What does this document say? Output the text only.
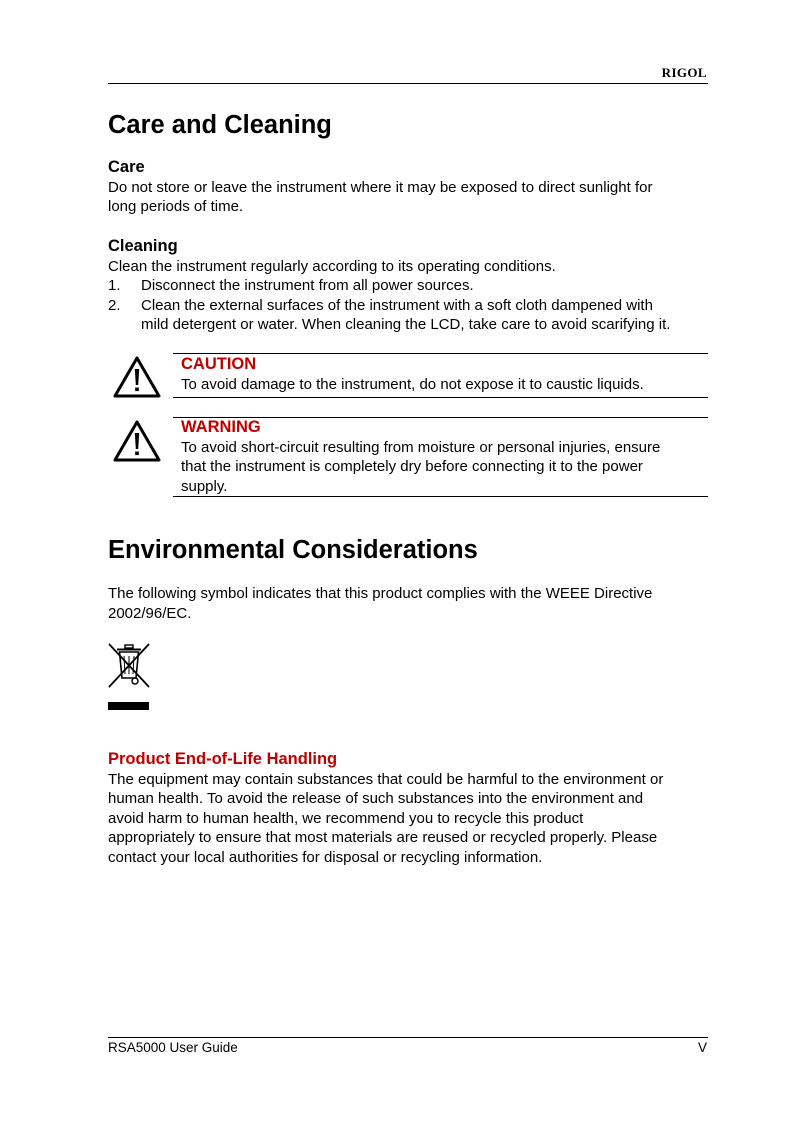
RIGOL
Care and Cleaning
Care
Do not store or leave the instrument where it may be exposed to direct sunlight for
long periods of time.
Cleaning
Clean the instrument regularly according to its operating conditions.
1.	Disconnect the instrument from all power sources.
2.	Clean the external surfaces of the instrument with a soft cloth dampened with
mild detergent or water. When cleaning the LCD, take care to avoid scarifying it.
CAUTION
To avoid damage to the instrument, do not expose it to caustic liquids.
WARNING
To avoid short-circuit resulting from moisture or personal injuries, ensure
that the instrument is completely dry before connecting it to the power
supply.
Environmental Considerations
The following symbol indicates that this product complies with the WEEE Directive
2002/96/EC.
Product End-of-Life Handling
The equipment may contain substances that could be harmful to the environment or
human health. To avoid the release of such substances into the environment and
avoid harm to human health, we recommend you to recycle this product
appropriately to ensure that most materials are reused or recycled properly. Please
contact your local authorities for disposal or recycling information.
RSA5000 User Guide	V
